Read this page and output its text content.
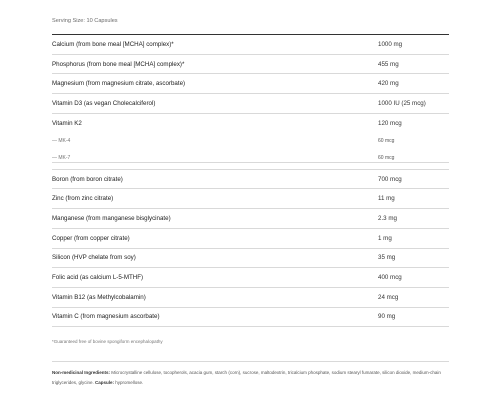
Serving Size: 10 Capsules
Calcium (from bone meal [MCHA] complex)*	1000 mg
Phosphorus (from bone meal [MCHA] complex)*	455 mg
Magnesium (from magnesium citrate, ascorbate)	420 mg
Vitamin D3 (as vegan Cholecalciferol)	1000 IU (25 mcg)
Vitamin K2	120 mcg
— MK-4	60 mcg
— MK-7	60 mcg
Boron (from boron citrate)	700 mcg
Zinc (from zinc citrate)	11 mg
Manganese (from manganese bisglycinate)	2.3 mg
Copper (from copper citrate)	1 mg
Silicon (HVP chelate from soy)	35 mg
Folic acid (as calcium L-5-MTHF)	400 mcg
Vitamin B12 (as Methylcobalamin)	24 mcg
Vitamin C (from magnesium ascorbate)	90 mg
*Guaranteed free of bovine spongiform encephalopathy
Non-medicinal Ingredients: Microcrystalline cellulose, tocopherols, acacia gum, starch (corn), sucrose, maltodextrin, tricalcium phosphate, sodium stearyl fumarate, silicon dioxide, medium-chain triglycerides, glycine. Capsule: hypromellose.
